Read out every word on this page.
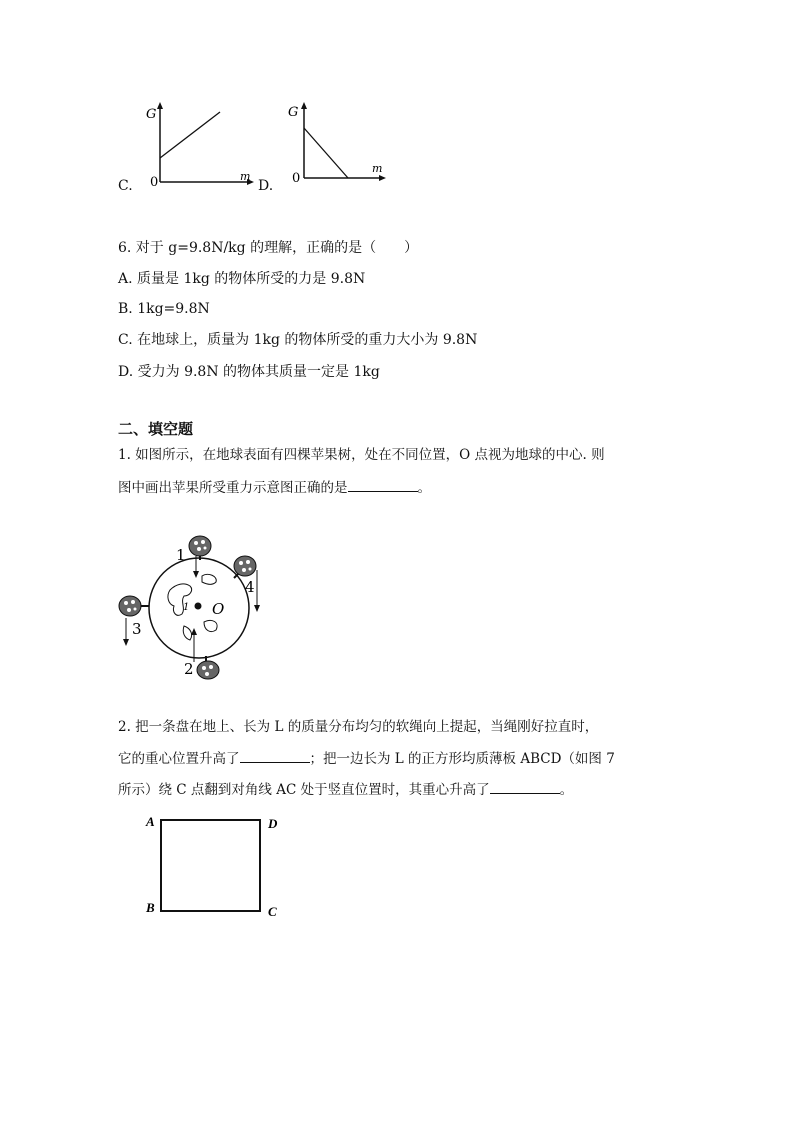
C.
G
0	m
D.
G
0
m
6. 对于 g=9.8N/kg 的理解，正确的是（　　）
A. 质量是 1kg 的物体所受的力是 9.8N
B. 1kg=9.8N
C. 在地球上，质量为 1kg 的物体所受的重力大小为 9.8N
D. 受力为 9.8N 的物体其质量一定是 1kg
二、填空题
1. 如图所示，在地球表面有四棵苹果树，处在不同位置，O 点视为地球的中心. 则
图中画出苹果所受重力示意图正确的是	。
O
1
1
4
3
2
2. 把一条盘在地上、长为 L 的质量分布均匀的软绳向上提起，当绳刚好拉直时，
它的重心位置升高了	；把一边长为 L 的正方形均质薄板 ABCD（如图 7
所示）绕 C 点翻到对角线 AC 处于竖直位置时，其重心升高了	。
A	D
B	C
